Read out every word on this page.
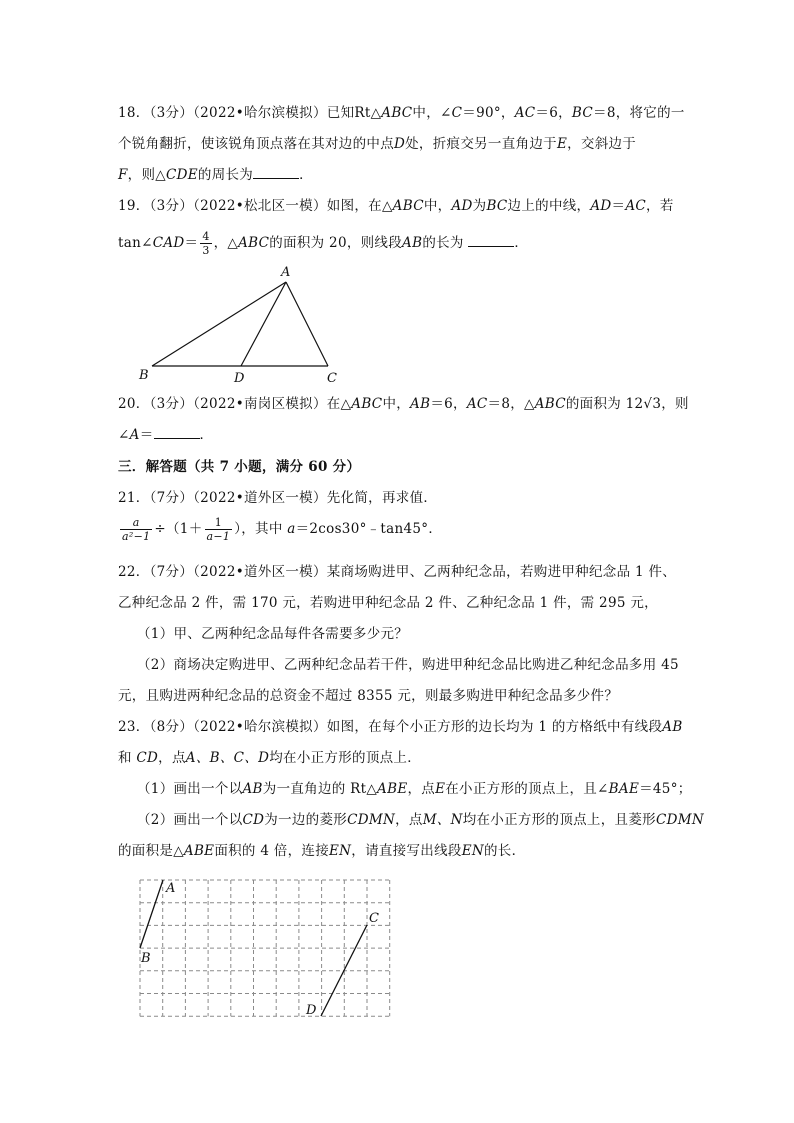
18．（3分）（2022•哈尔滨模拟）已知Rt△ABC中，∠C＝90°，AC＝6，BC＝8，将它的一
个锐角翻折，使该锐角顶点落在其对边的中点D处，折痕交另一直角边于E，交斜边于
F，则△CDE的周长为	．
19．（3分）（2022•松北区一模）如图，在△ABC中，AD为BC边上的中线，AD＝AC，若
tan∠CAD＝ $\frac{4}{3}$ ，△ABC的面积为 20，则线段AB的长为	．
A
B	D	C
20．（3分）（2022•南岗区模拟）在△ABC中，AB＝6，AC＝8，△ABC的面积为 12√3，则
∠A＝	．
三．解答题（共 7 小题，满分 60 分）
21．（7分）（2022•道外区一模）先化简，再求值．
$\frac{a}{\text{a²−1}} \div(1+ \frac{1}{a-1}$ ），其中 a＝2cos30°﹣tan45°．
22．（7分）（2022•道外区一模）某商场购进甲、乙两种纪念品，若购进甲种纪念品 1 件、
乙种纪念品 2 件，需 170 元，若购进甲种纪念品 2 件、乙种纪念品 1 件，需 295 元，
（1）甲、乙两种纪念品每件各需要多少元？
（2）商场决定购进甲、乙两种纪念品若干件，购进甲种纪念品比购进乙种纪念品多用 45
元，且购进两种纪念品的总资金不超过 8355 元，则最多购进甲种纪念品多少件？
23．（8分）（2022•哈尔滨模拟）如图，在每个小正方形的边长均为 1 的方格纸中有线段AB
和 CD，点A、B、C、D均在小正方形的顶点上．
（1）画出一个以AB为一直角边的 Rt△ABE，点E在小正方形的顶点上，且∠BAE＝45°；
（2）画出一个以CD为一边的菱形CDMN，点M、N均在小正方形的顶点上，且菱形CDMN
的面积是△ABE面积的 4 倍，连接EN，请直接写出线段EN的长．
A
B
C
D
